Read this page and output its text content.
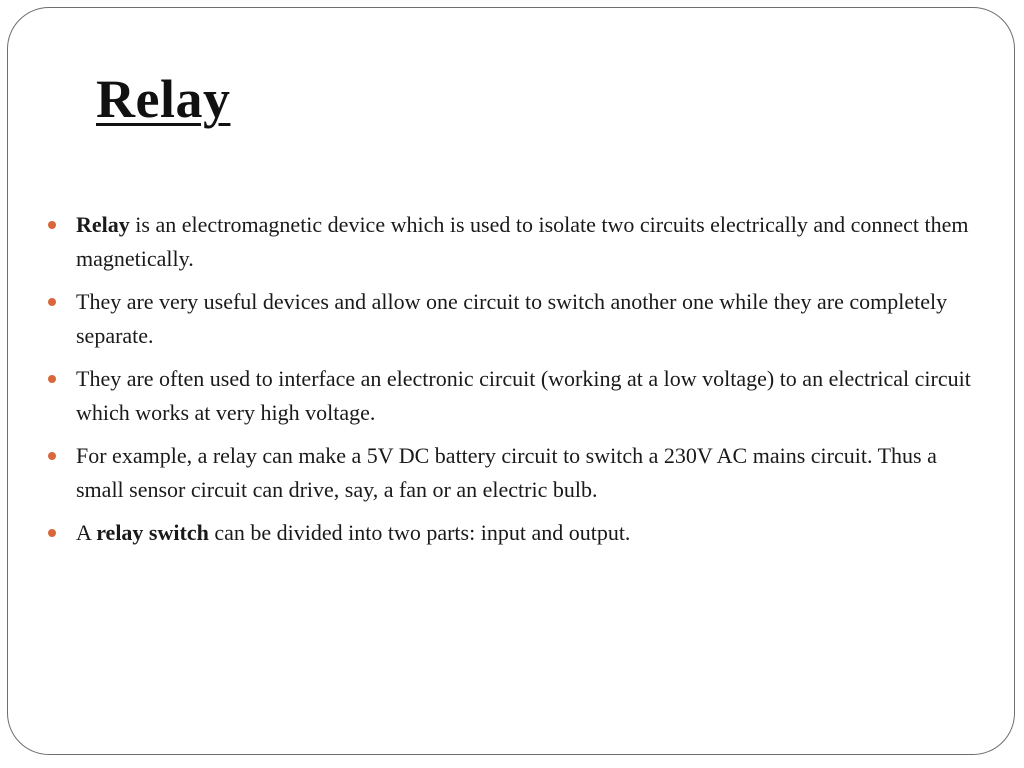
Relay
Relay is an electromagnetic device which is used to isolate two circuits electrically and connect them magnetically.
They are very useful devices and allow one circuit to switch another one while they are completely separate.
They are often used to interface an electronic circuit (working at a low voltage) to an electrical circuit which works at very high voltage.
For example, a relay can make a 5V DC battery circuit to switch a 230V AC mains circuit. Thus a small sensor circuit can drive, say, a fan or an electric bulb.
A relay switch can be divided into two parts: input and output.
